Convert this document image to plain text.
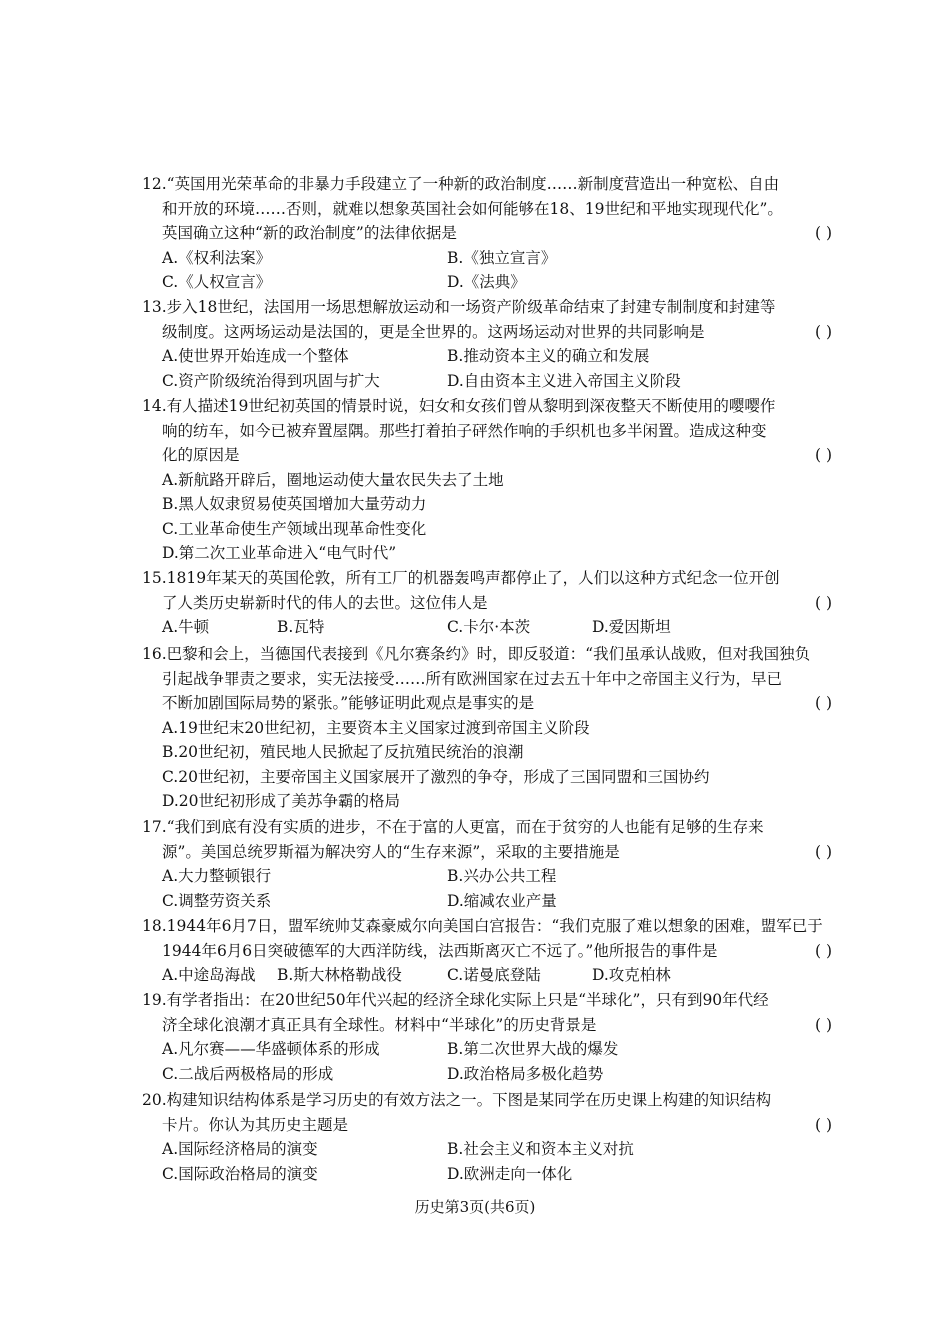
12.“英国用光荣革命的非暴力手段建立了一种新的政治制度……新制度营造出一种宽松、自由
和开放的环境……否则，就难以想象英国社会如何能够在18、19世纪和平地实现现代化”。
英国确立这种“新的政治制度”的法律依据是	( )
A.《权利法案》	B.《独立宣言》
C.《人权宣言》	D.《法典》
13.步入18世纪，法国用一场思想解放运动和一场资产阶级革命结束了封建专制制度和封建等
级制度。这两场运动是法国的，更是全世界的。这两场运动对世界的共同影响是	( )
A.使世界开始连成一个整体	B.推动资本主义的确立和发展
C.资产阶级统治得到巩固与扩大	D.自由资本主义进入帝国主义阶段
14.有人描述19世纪初英国的情景时说，妇女和女孩们曾从黎明到深夜整天不断使用的嘤嘤作
响的纺车，如今已被弃置屋隅。那些打着拍子砰然作响的手织机也多半闲置。造成这种变
化的原因是	( )
A.新航路开辟后，圈地运动使大量农民失去了土地
B.黑人奴隶贸易使英国增加大量劳动力
C.工业革命使生产领域出现革命性变化
D.第二次工业革命进入“电气时代”
15.1819年某天的英国伦敦，所有工厂的机器轰鸣声都停止了，人们以这种方式纪念一位开创
了人类历史崭新时代的伟人的去世。这位伟人是	( )
A.牛顿	B.瓦特	C.卡尔·本茨	D.爱因斯坦
16.巴黎和会上，当德国代表接到《凡尔赛条约》时，即反驳道：“我们虽承认战败，但对我国独负
引起战争罪责之要求，实无法接受……所有欧洲国家在过去五十年中之帝国主义行为，早已
不断加剧国际局势的紧张。”能够证明此观点是事实的是	( )
A.19世纪末20世纪初，主要资本主义国家过渡到帝国主义阶段
B.20世纪初，殖民地人民掀起了反抗殖民统治的浪潮
C.20世纪初，主要帝国主义国家展开了激烈的争夺，形成了三国同盟和三国协约
D.20世纪初形成了美苏争霸的格局
17.“我们到底有没有实质的进步，不在于富的人更富，而在于贫穷的人也能有足够的生存来
源”。美国总统罗斯福为解决穷人的“生存来源”，采取的主要措施是	( )
A.大力整顿银行	B.兴办公共工程
C.调整劳资关系	D.缩减农业产量
18.1944年6月7日，盟军统帅艾森豪威尔向美国白宫报告：“我们克服了难以想象的困难，盟军已于
1944年6月6日突破德军的大西洋防线，法西斯离灭亡不远了。”他所报告的事件是	( )
A.中途岛海战 B.斯大林格勒战役	C.诺曼底登陆	D.攻克柏林
19.有学者指出：在20世纪50年代兴起的经济全球化实际上只是“半球化”，只有到90年代经
济全球化浪潮才真正具有全球性。材料中“半球化”的历史背景是	( )
A.凡尔赛——华盛顿体系的形成	B.第二次世界大战的爆发
C.二战后两极格局的形成	D.政治格局多极化趋势
20.构建知识结构体系是学习历史的有效方法之一。下图是某同学在历史课上构建的知识结构
卡片。你认为其历史主题是	( )
A.国际经济格局的演变	B.社会主义和资本主义对抗
C.国际政治格局的演变	D.欧洲走向一体化
历史第3页(共6页)
